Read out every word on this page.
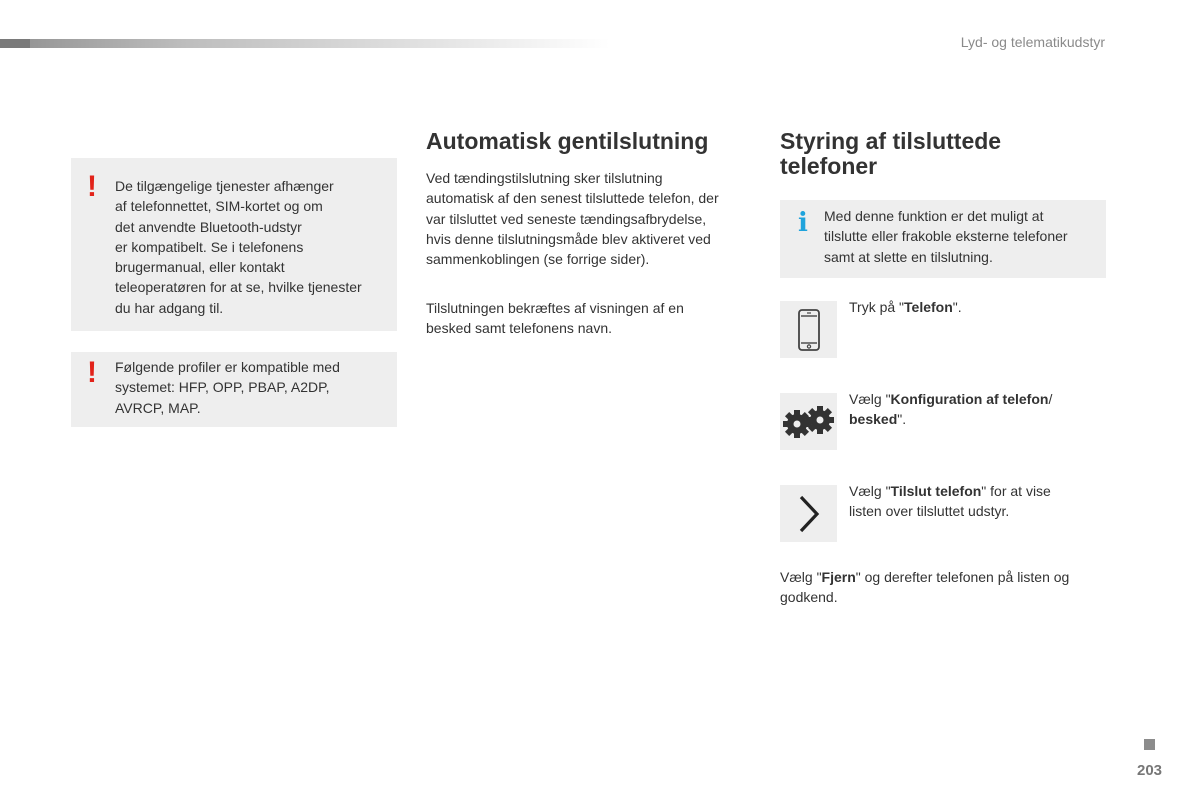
Lyd- og telematikudstyr
! De tilgængelige tjenester afhænger
af telefonnettet, SIM-kortet og om
det anvendte Bluetooth-udstyr
er kompatibelt. Se i telefonens
brugermanual, eller kontakt
teleoperatøren for at se, hvilke tjenester
du har adgang til.
! Følgende profiler er kompatible med
systemet: HFP, OPP, PBAP, A2DP,
AVRCP, MAP.
Automatisk gentilslutning
Ved tændingstilslutning sker tilslutning
automatisk af den senest tilsluttede telefon, der
var tilsluttet ved seneste tændingsafbrydelse,
hvis denne tilslutningsmåde blev aktiveret ved
sammenkoblingen (se forrige sider).
Tilslutningen bekræftes af visningen af en
besked samt telefonens navn.
Styring af tilsluttede
telefoner
i Med denne funktion er det muligt at
tilslutte eller frakoble eksterne telefoner
samt at slette en tilslutning.
Tryk på "Telefon".
Vælg "Konfiguration af telefon/
besked".
Vælg "Tilslut telefon" for at vise
listen over tilsluttet udstyr.
Vælg "Fjern" og derefter telefonen på listen og
godkend.
203
